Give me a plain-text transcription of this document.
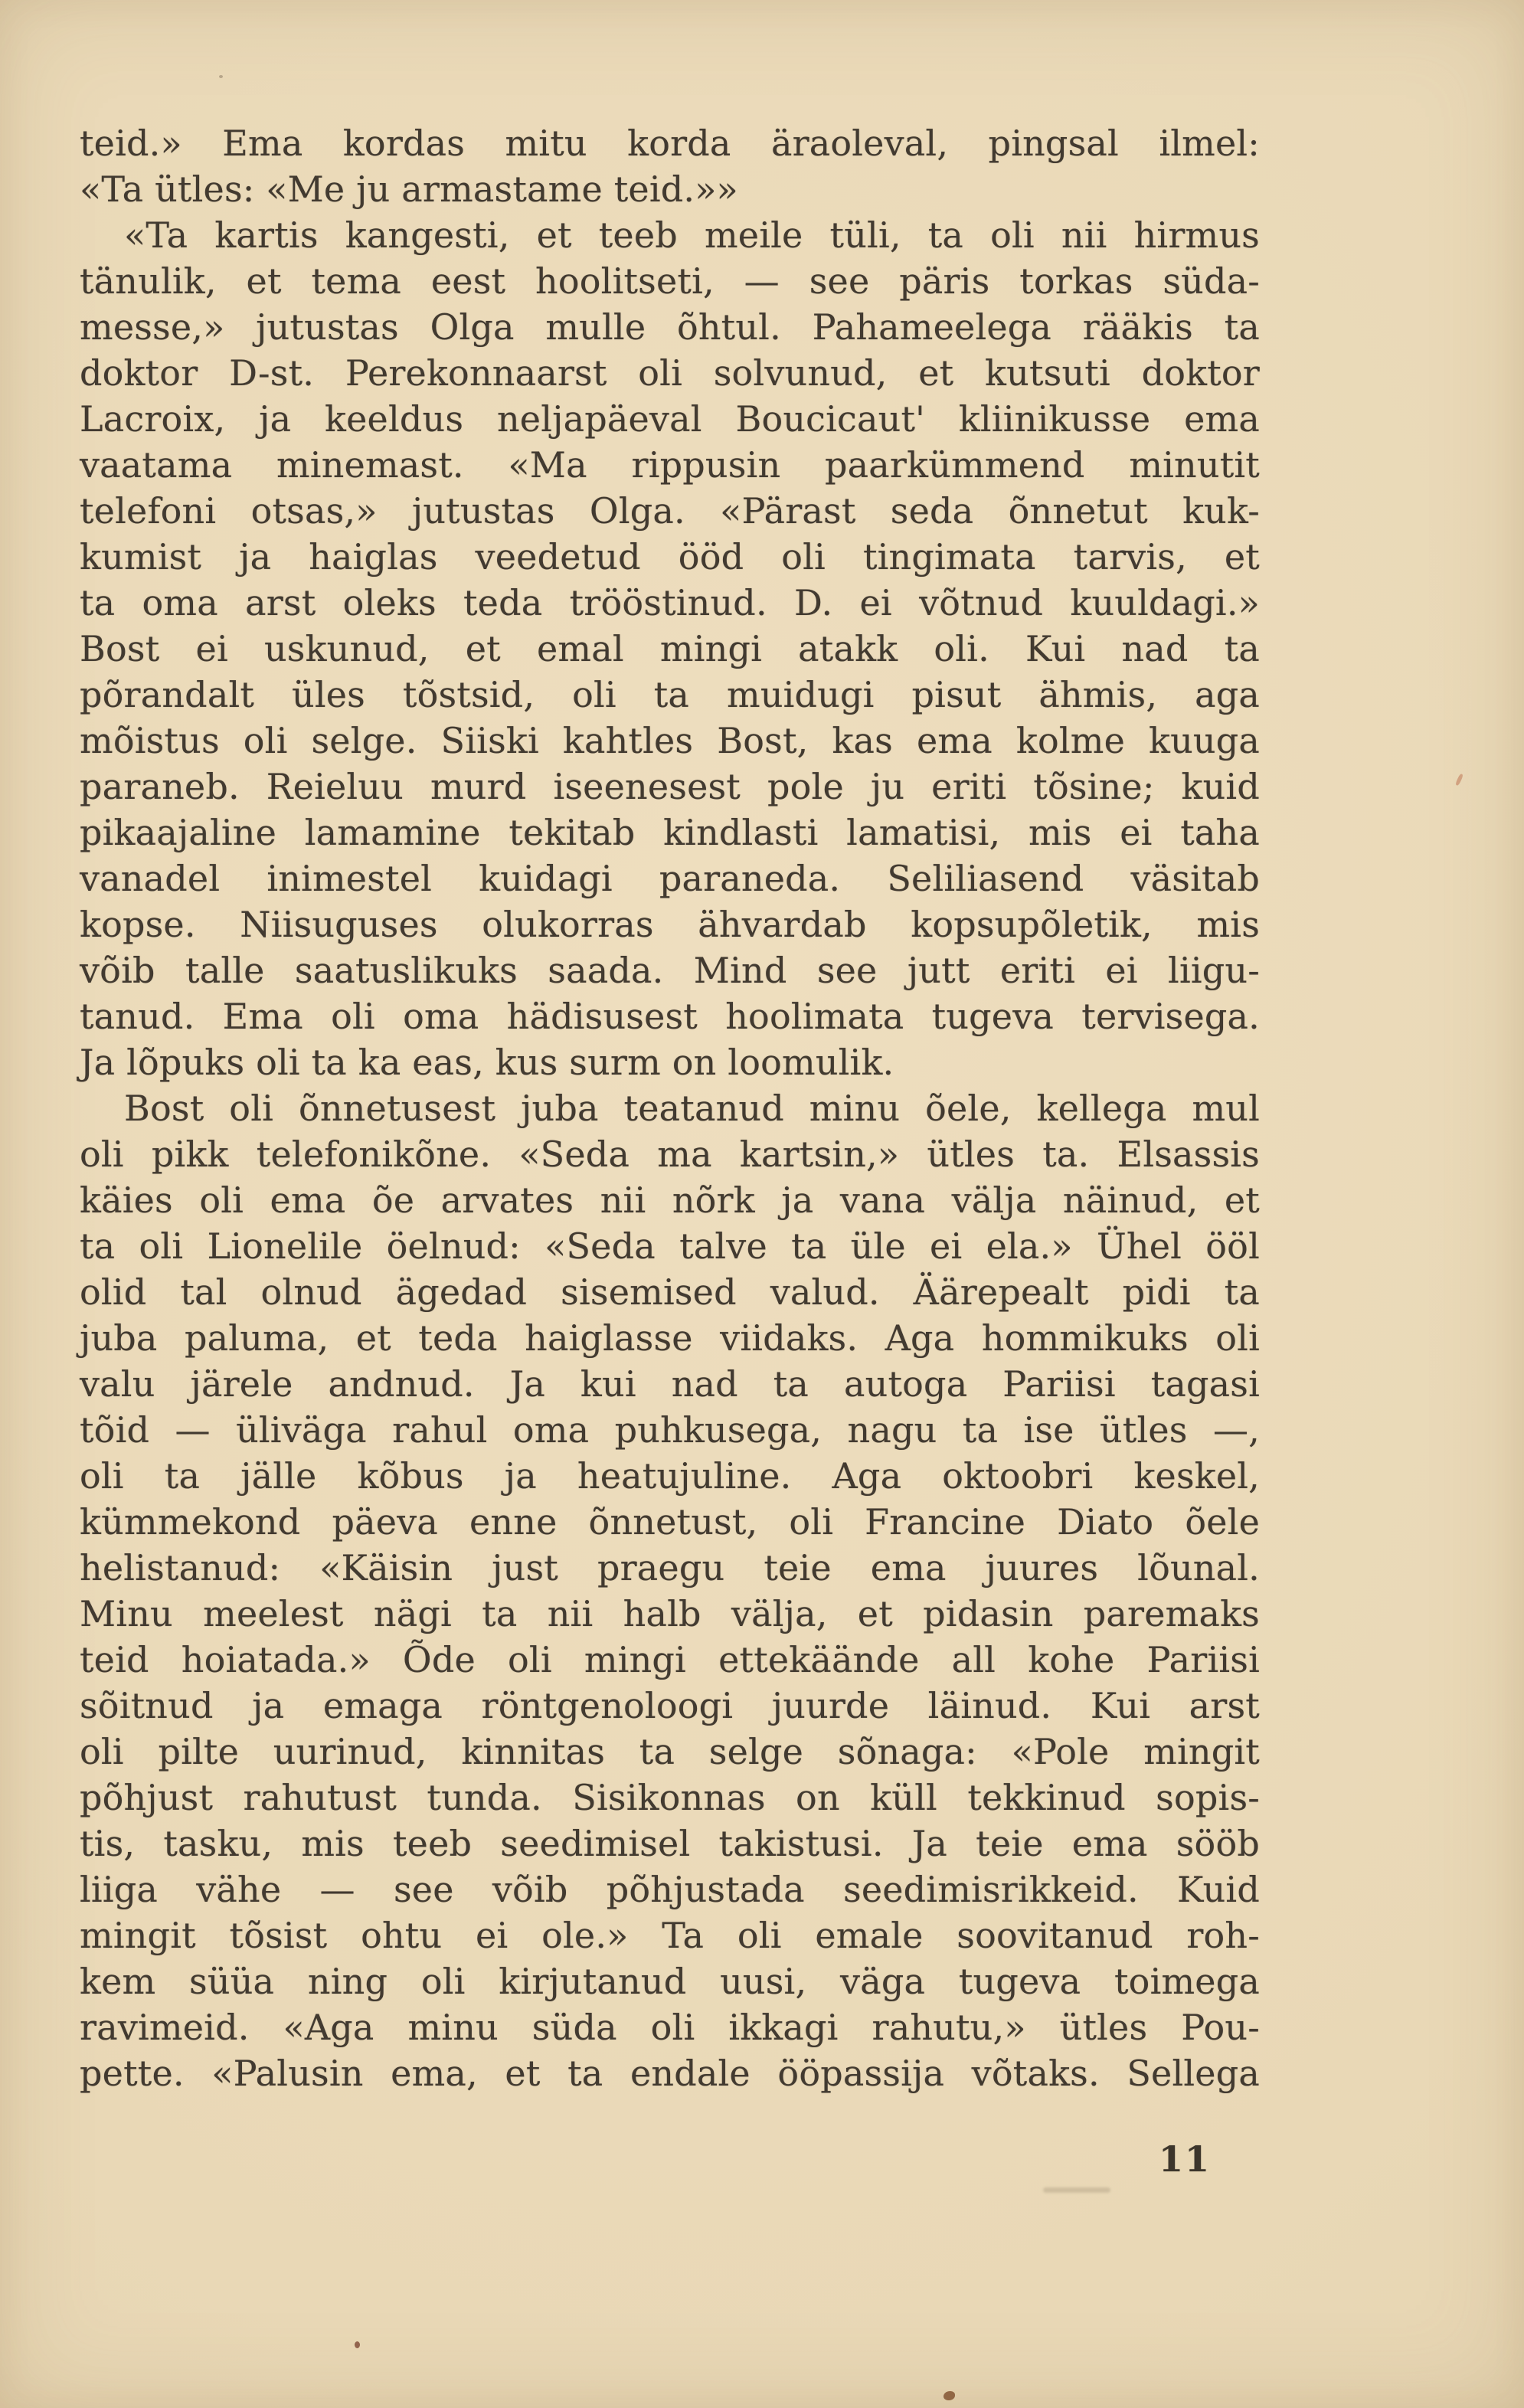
teid.» Ema kordas mitu korda äraoleval, pingsal ilmel:
«Ta ütles: «Me ju armastame teid.»»
«Ta kartis kangesti, et teeb meile tüli, ta oli nii hirmus
tänulik, et tema eest hoolitseti, — see päris torkas süda-
messe,» jutustas Olga mulle õhtul. Pahameelega rääkis ta
doktor D-st. Perekonnaarst oli solvunud, et kutsuti doktor
Lacroix, ja keeldus neljapäeval Boucicaut' kliinikusse ema
vaatama minemast. «Ma rippusin paarkümmend minutit
telefoni otsas,» jutustas Olga. «Pärast seda õnnetut kuk-
kumist ja haiglas veedetud ööd oli tingimata tarvis, et
ta oma arst oleks teda trööstinud. D. ei võtnud kuuldagi.»
Bost ei uskunud, et emal mingi atakk oli. Kui nad ta
põrandalt üles tõstsid, oli ta muidugi pisut ähmis, aga
mõistus oli selge. Siiski kahtles Bost, kas ema kolme kuuga
paraneb. Reieluu murd iseenesest pole ju eriti tõsine; kuid
pikaajaline lamamine tekitab kindlasti lamatisi, mis ei taha
vanadel inimestel kuidagi paraneda. Seliliasend väsitab
kopse. Niisuguses olukorras ähvardab kopsupõletik, mis
võib talle saatuslikuks saada. Mind see jutt eriti ei liigu-
tanud. Ema oli oma hädisusest hoolimata tugeva tervisega.
Ja lõpuks oli ta ka eas, kus surm on loomulik.
Bost oli õnnetusest juba teatanud minu õele, kellega mul
oli pikk telefonikõne. «Seda ma kartsin,» ütles ta. Elsassis
käies oli ema õe arvates nii nõrk ja vana välja näinud, et
ta oli Lionelile öelnud: «Seda talve ta üle ei ela.» Ühel ööl
olid tal olnud ägedad sisemised valud. Äärepealt pidi ta
juba paluma, et teda haiglasse viidaks. Aga hommikuks oli
valu järele andnud. Ja kui nad ta autoga Pariisi tagasi
tõid — üliväga rahul oma puhkusega, nagu ta ise ütles —,
oli ta jälle kõbus ja heatujuline. Aga oktoobri keskel,
kümmekond päeva enne õnnetust, oli Francine Diato õele
helistanud: «Käisin just praegu teie ema juures lõunal.
Minu meelest nägi ta nii halb välja, et pidasin paremaks
teid hoiatada.» Õde oli mingi ettekäände all kohe Pariisi
sõitnud ja emaga röntgenoloogi juurde läinud. Kui arst
oli pilte uurinud, kinnitas ta selge sõnaga: «Pole mingit
põhjust rahutust tunda. Sisikonnas on küll tekkinud sopis-
tis, tasku, mis teeb seedimisel takistusi. Ja teie ema sööb
liiga vähe — see võib põhjustada seedimisrikkeid. Kuid
mingit tõsist ohtu ei ole.» Ta oli emale soovitanud roh-
kem süüa ning oli kirjutanud uusi, väga tugeva toimega
ravimeid. «Aga minu süda oli ikkagi rahutu,» ütles Pou-
pette. «Palusin ema, et ta endale ööpassija võtaks. Sellega
11
